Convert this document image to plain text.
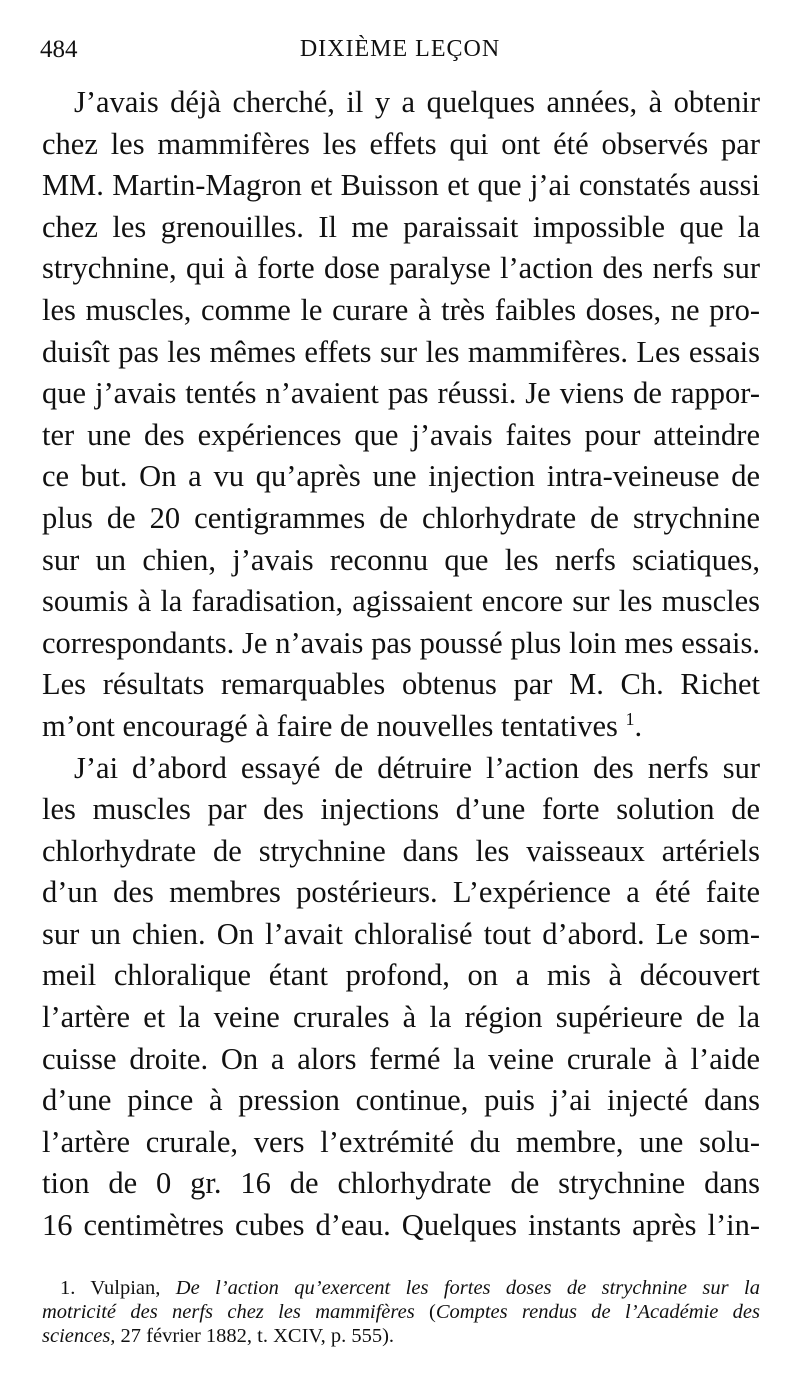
484	DIXIÈME LEÇON
J’avais déjà cherché, il y a quelques années, à obtenir
chez les mammifères les effets qui ont été observés par
MM. Martin-Magron et Buisson et que j’ai constatés aussi
chez les grenouilles. Il me paraissait impossible que la
strychnine, qui à forte dose paralyse l’action des nerfs sur
les muscles, comme le curare à très faibles doses, ne pro-
duisît pas les mêmes effets sur les mammifères. Les essais
que j’avais tentés n’avaient pas réussi. Je viens de rappor-
ter une des expériences que j’avais faites pour atteindre
ce but. On a vu qu’après une injection intra-veineuse de
plus de 20 centigrammes de chlorhydrate de strychnine
sur un chien, j’avais reconnu que les nerfs sciatiques,
soumis à la faradisation, agissaient encore sur les muscles
correspondants. Je n’avais pas poussé plus loin mes essais.
Les résultats remarquables obtenus par M. Ch. Richet
m’ont encouragé à faire de nouvelles tentatives $^1$.
J’ai d’abord essayé de détruire l’action des nerfs sur
les muscles par des injections d’une forte solution de
chlorhydrate de strychnine dans les vaisseaux artériels
d’un des membres postérieurs. L’expérience a été faite
sur un chien. On l’avait chloralisé tout d’abord. Le som-
meil chloralique étant profond, on a mis à découvert
l’artère et la veine crurales à la région supérieure de la
cuisse droite. On a alors fermé la veine crurale à l’aide
d’une pince à pression continue, puis j’ai injecté dans
l’artère crurale, vers l’extrémité du membre, une solu-
tion de 0 gr. 16 de chlorhydrate de strychnine dans
16 centimètres cubes d’eau. Quelques instants après l’in-
1. Vulpian, De l’action qu’exercent les fortes doses de strychnine sur la
motricité des nerfs chez les mammifères (Comptes rendus de l’Académie des
sciences, 27 février 1882, t. XCIV, p. 555).
